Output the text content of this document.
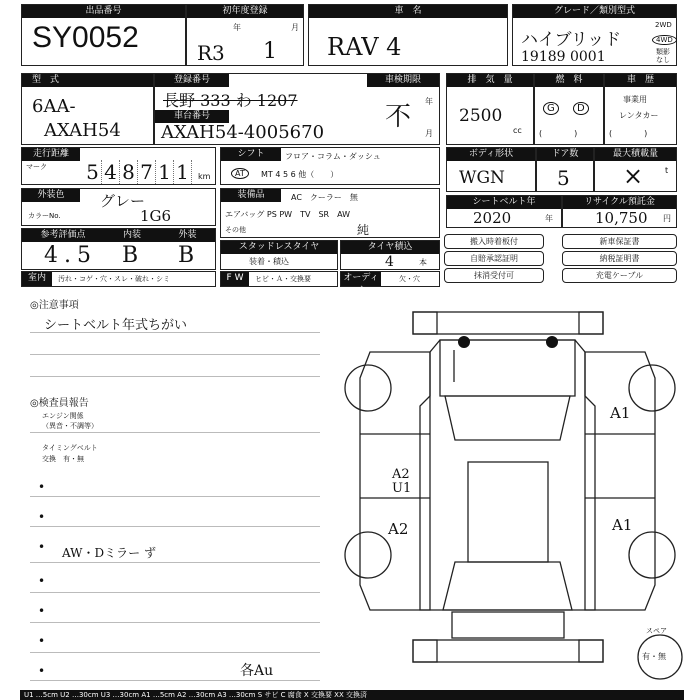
出品番号
SY0052
初年度登録
年	月
R3 1
車　名
RAV 4
グレード／類別型式
ハイブリッド
19189 0001
2WD
4WD
類影
なし
型　式
6AA-
AXAH54
登録番号
長野 333 わ 1207
車台番号
AXAH54-4005670
車検期限
年
月
不
排　気　量
2500
cc
燃　料
G	D
(　　　　)
車　歴
事業用
レンタカー
(　　　　)
走行距離
マーク 5 4 8 7 1 1	km
シフト	フロア・コラム・ダッシュ
AT	MT 4 5 6 他（　　）
ボディ形状
WGN
ドア数
5
最大積載量
×	t
外装色	グレー
カラーNo.	1G6
装備品	AC　クーラー　無
エアバッグ PS PW　TV　SR　AW
その他	純
シートベルト年
2020	年
リサイクル預託金
10,750 円
参考評価点	内装	外装
4.5 B B	スタッドレスタイヤ
装着・積込
タイヤ積込
4	本
搬入時着板付
自賠承認証明
抹消受付可
新車保証書
納税証明書
充電ケーブル
室内	汚れ・コゲ・穴・スレ・破れ・シミ	F W	ヒビ・Ａ・交換要	オーディオ
欠・穴
◎注意事項
シートベルト年式ちがい
◎検査員報告
エンジン関係
（異音・不調等）
タイミングベルト
交換　有・無
•
•
• AW・Dミラー ず
•
•
•
•	各Au
A1
A2
U1
A2	A1
スペア
有・無
U1 …5cm U2 …30cm U3 …30cm A1 …5cm A2 …30cm A3 …30cm S サビ C 腐食 X 交換要 XX 交換済
